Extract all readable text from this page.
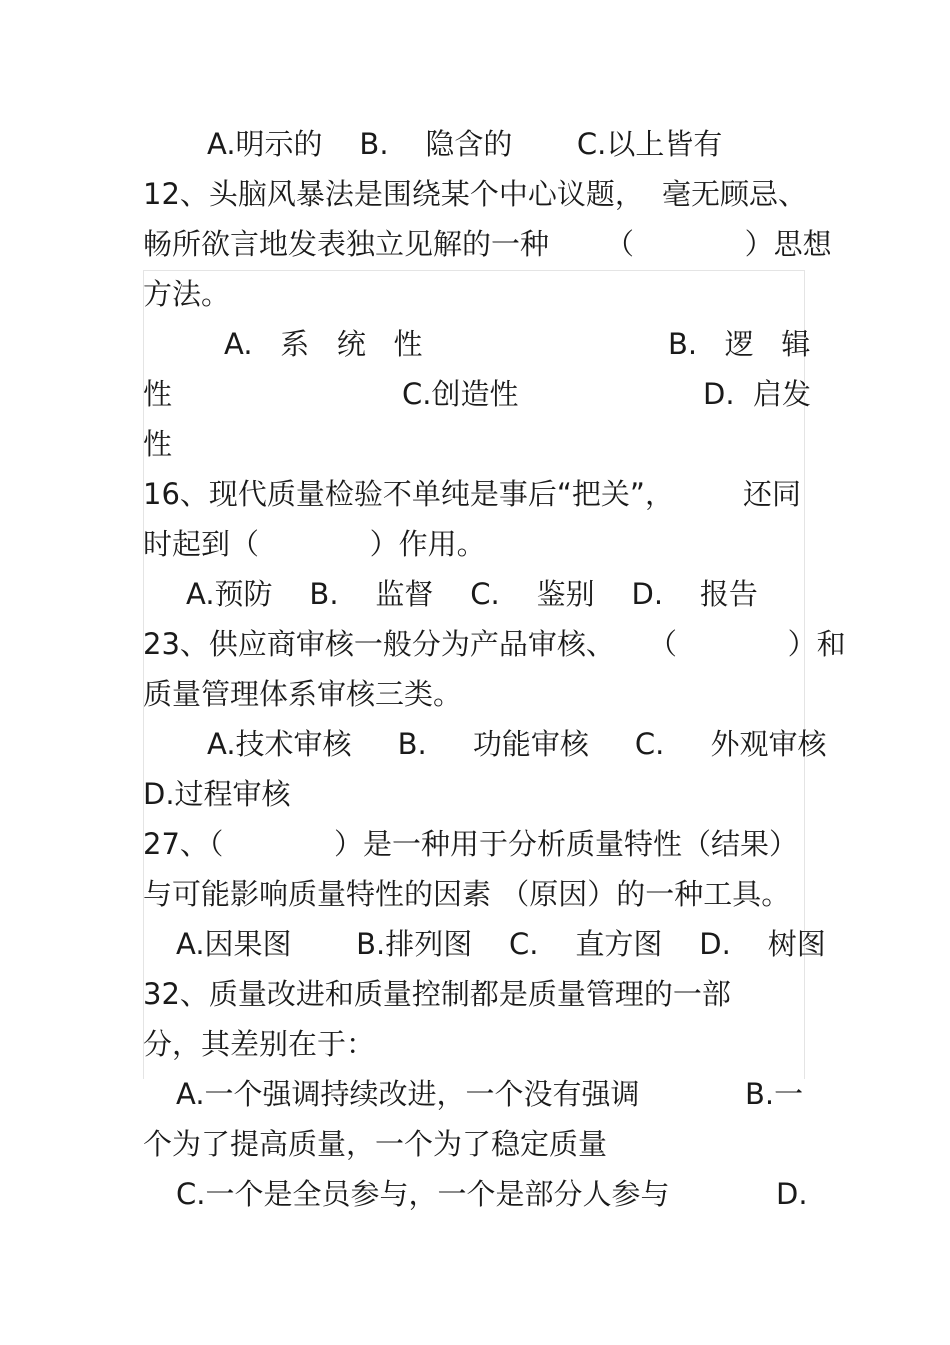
A.明示的    B.    隐含的       C.以上皆有
12、头脑风暴法是围绕某个中心议题， 毫无顾忌、
畅所欲言地发表独立见解的一种 （            ）思想
方法。
A.   系   统   性	B.   逻   辑
性	C.创造性	D.  启发
性
16、现代质量检验不单纯是事后“把关”， 还同
时起到（            ）作用。
A.预防    B.    监督    C.    鉴别    D.    报告
23、供应商审核一般分为产品审核、 （            ）和
质量管理体系审核三类。
A.技术审核     B.     功能审核     C.     外观审核
D.过程审核
27、（            ）是一种用于分析质量特性（结果）
与可能影响质量特性的因素 （原因）的一种工具。
A.因果图       B.排列图    C.    直方图    D.    树图
32、质量改进和质量控制都是质量管理的一部
分，其差别在于：
A.一个强调持续改进，一个没有强调	B.一
个为了提高质量，一个为了稳定质量
C.一个是全员参与，一个是部分人参与	D.
